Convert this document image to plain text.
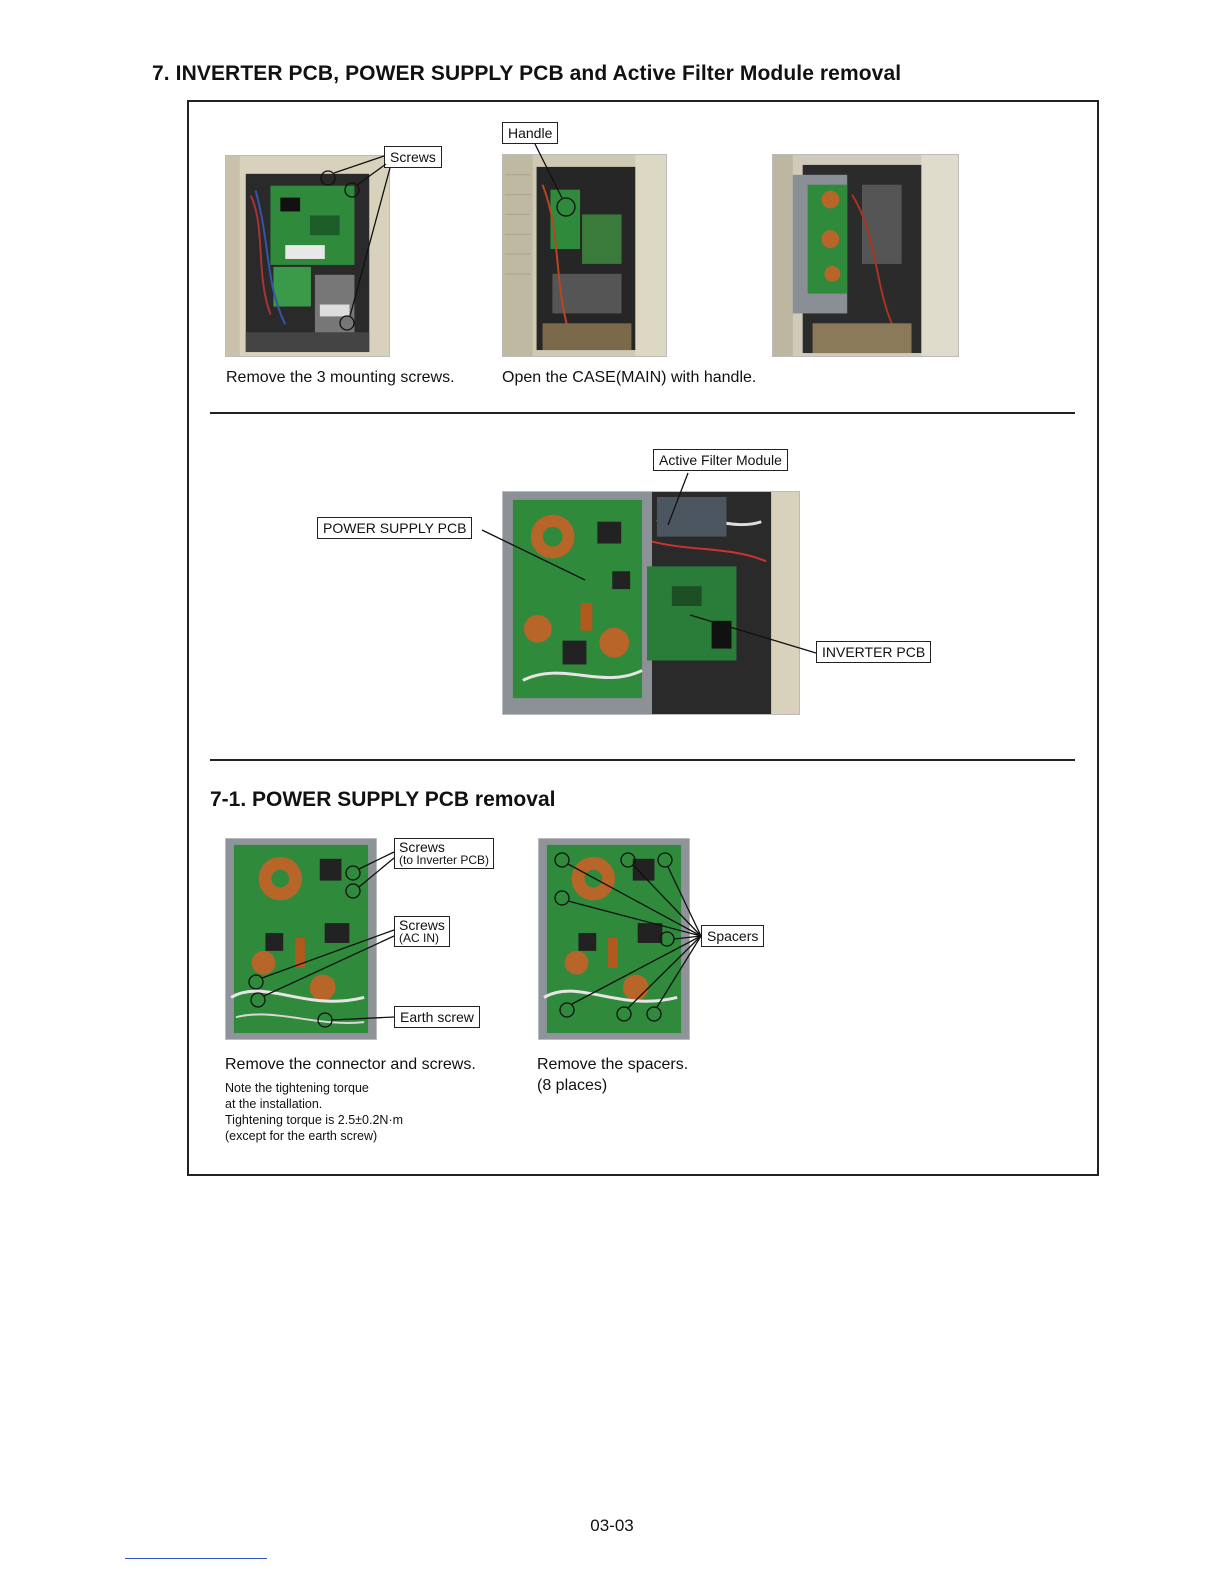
7. INVERTER PCB, POWER SUPPLY PCB and Active Filter Module removal
Screws
Handle
Remove the 3 mounting screws.	Open the CASE(MAIN) with handle.
Active Filter Module
POWER SUPPLY PCB
INVERTER PCB
7-1. POWER SUPPLY PCB removal
Screws
(to Inverter PCB)
Screws
(AC IN)
Earth screw
Spacers
Remove the connector and screws.
Note the tightening torque
at the installation.
Tightening torque is 2.5±0.2N·m
(except for the earth screw)
Remove the spacers.
(8 places)
03-03
